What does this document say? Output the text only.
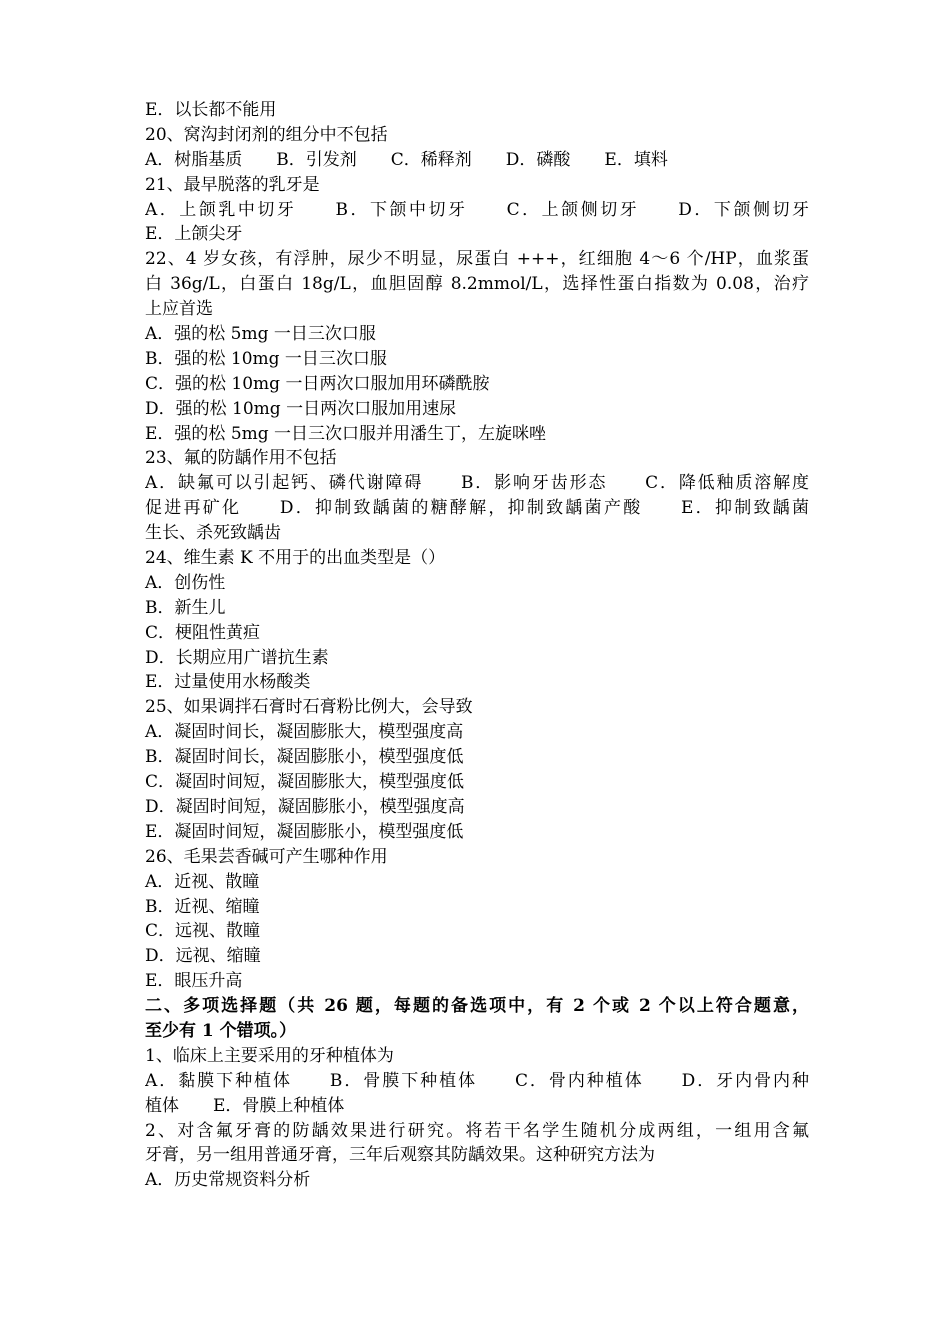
E．以长都不能用
20、窝沟封闭剂的组分中不包括
A．树脂基质　　B．引发剂　　C．稀释剂　　D．磷酸　　E．填料
21、最早脱落的乳牙是
A．上颌乳中切牙　　B．下颌中切牙　　C．上颌侧切牙　　D．下颌侧切牙
E．上颌尖牙
22、4 岁女孩，有浮肿，尿少不明显，尿蛋白 +++，红细胞 4～6 个/HP，血浆蛋
白 36g/L，白蛋白 18g/L，血胆固醇 8.2mmol/L，选择性蛋白指数为 0.08，治疗
上应首选
A．强的松 5mg 一日三次口服
B．强的松 10mg 一日三次口服
C．强的松 10mg 一日两次口服加用环磷酰胺
D．强的松 10mg 一日两次口服加用速尿
E．强的松 5mg 一日三次口服并用潘生丁，左旋咪唑
23、氟的防龋作用不包括
A．缺氟可以引起钙、磷代谢障碍　　B．影响牙齿形态　　C．降低釉质溶解度
促进再矿化　　D．抑制致龋菌的糖酵解，抑制致龋菌产酸　　E．抑制致龋菌
生长、杀死致龋齿
24、维生素 K 不用于的出血类型是（）
A．创伤性
B．新生儿
C．梗阻性黄疸
D．长期应用广谱抗生素
E．过量使用水杨酸类
25、如果调拌石膏时石膏粉比例大，会导致
A．凝固时间长，凝固膨胀大，模型强度高
B．凝固时间长，凝固膨胀小，模型强度低
C．凝固时间短，凝固膨胀大，模型强度低
D．凝固时间短，凝固膨胀小，模型强度高
E．凝固时间短，凝固膨胀小，模型强度低
26、毛果芸香碱可产生哪种作用
A．近视、散瞳
B．近视、缩瞳
C．远视、散瞳
D．远视、缩瞳
E．眼压升高
二、多项选择题（共 26 题，每题的备选项中，有 2 个或 2 个以上符合题意，
至少有 1 个错项。）
1、临床上主要采用的牙种植体为
A．黏膜下种植体　　B．骨膜下种植体　　C．骨内种植体　　D．牙内骨内种
植体　　E．骨膜上种植体
2、对含氟牙膏的防龋效果进行研究。将若干名学生随机分成两组，一组用含氟
牙膏，另一组用普通牙膏，三年后观察其防龋效果。这种研究方法为
A．历史常规资料分析
